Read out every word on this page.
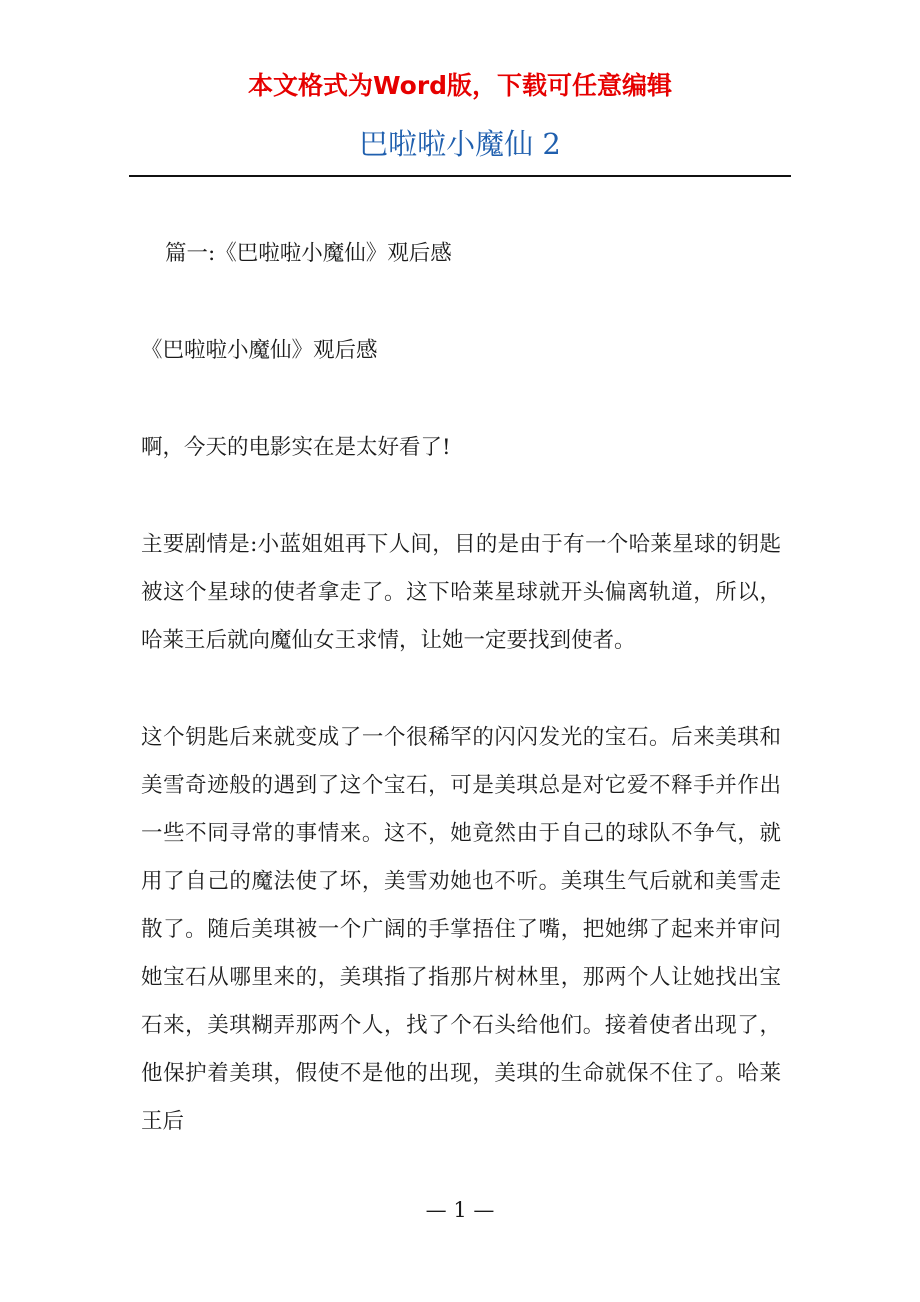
本文格式为Word版，下载可任意编辑
巴啦啦小魔仙 2

篇一:《巴啦啦小魔仙》观后感

《巴啦啦小魔仙》观后感

啊，今天的电影实在是太好看了!

主要剧情是:小蓝姐姐再下人间，目的是由于有一个哈莱星球的钥匙被这个星球的使者拿走了。这下哈莱星球就开头偏离轨道，所以，哈莱王后就向魔仙女王求情，让她一定要找到使者。

这个钥匙后来就变成了一个很稀罕的闪闪发光的宝石。后来美琪和美雪奇迹般的遇到了这个宝石，可是美琪总是对它爱不释手并作出一些不同寻常的事情来。这不，她竟然由于自己的球队不争气，就用了自己的魔法使了坏，美雪劝她也不听。美琪生气后就和美雪走散了。随后美琪被一个广阔的手掌捂住了嘴，把她绑了起来并审问她宝石从哪里来的，美琪指了指那片树林里，那两个人让她找出宝石来，美琪糊弄那两个人，找了个石头给他们。接着使者出现了，他保护着美琪，假使不是他的出现，美琪的生命就保不住了。哈莱王后

— 1 —
